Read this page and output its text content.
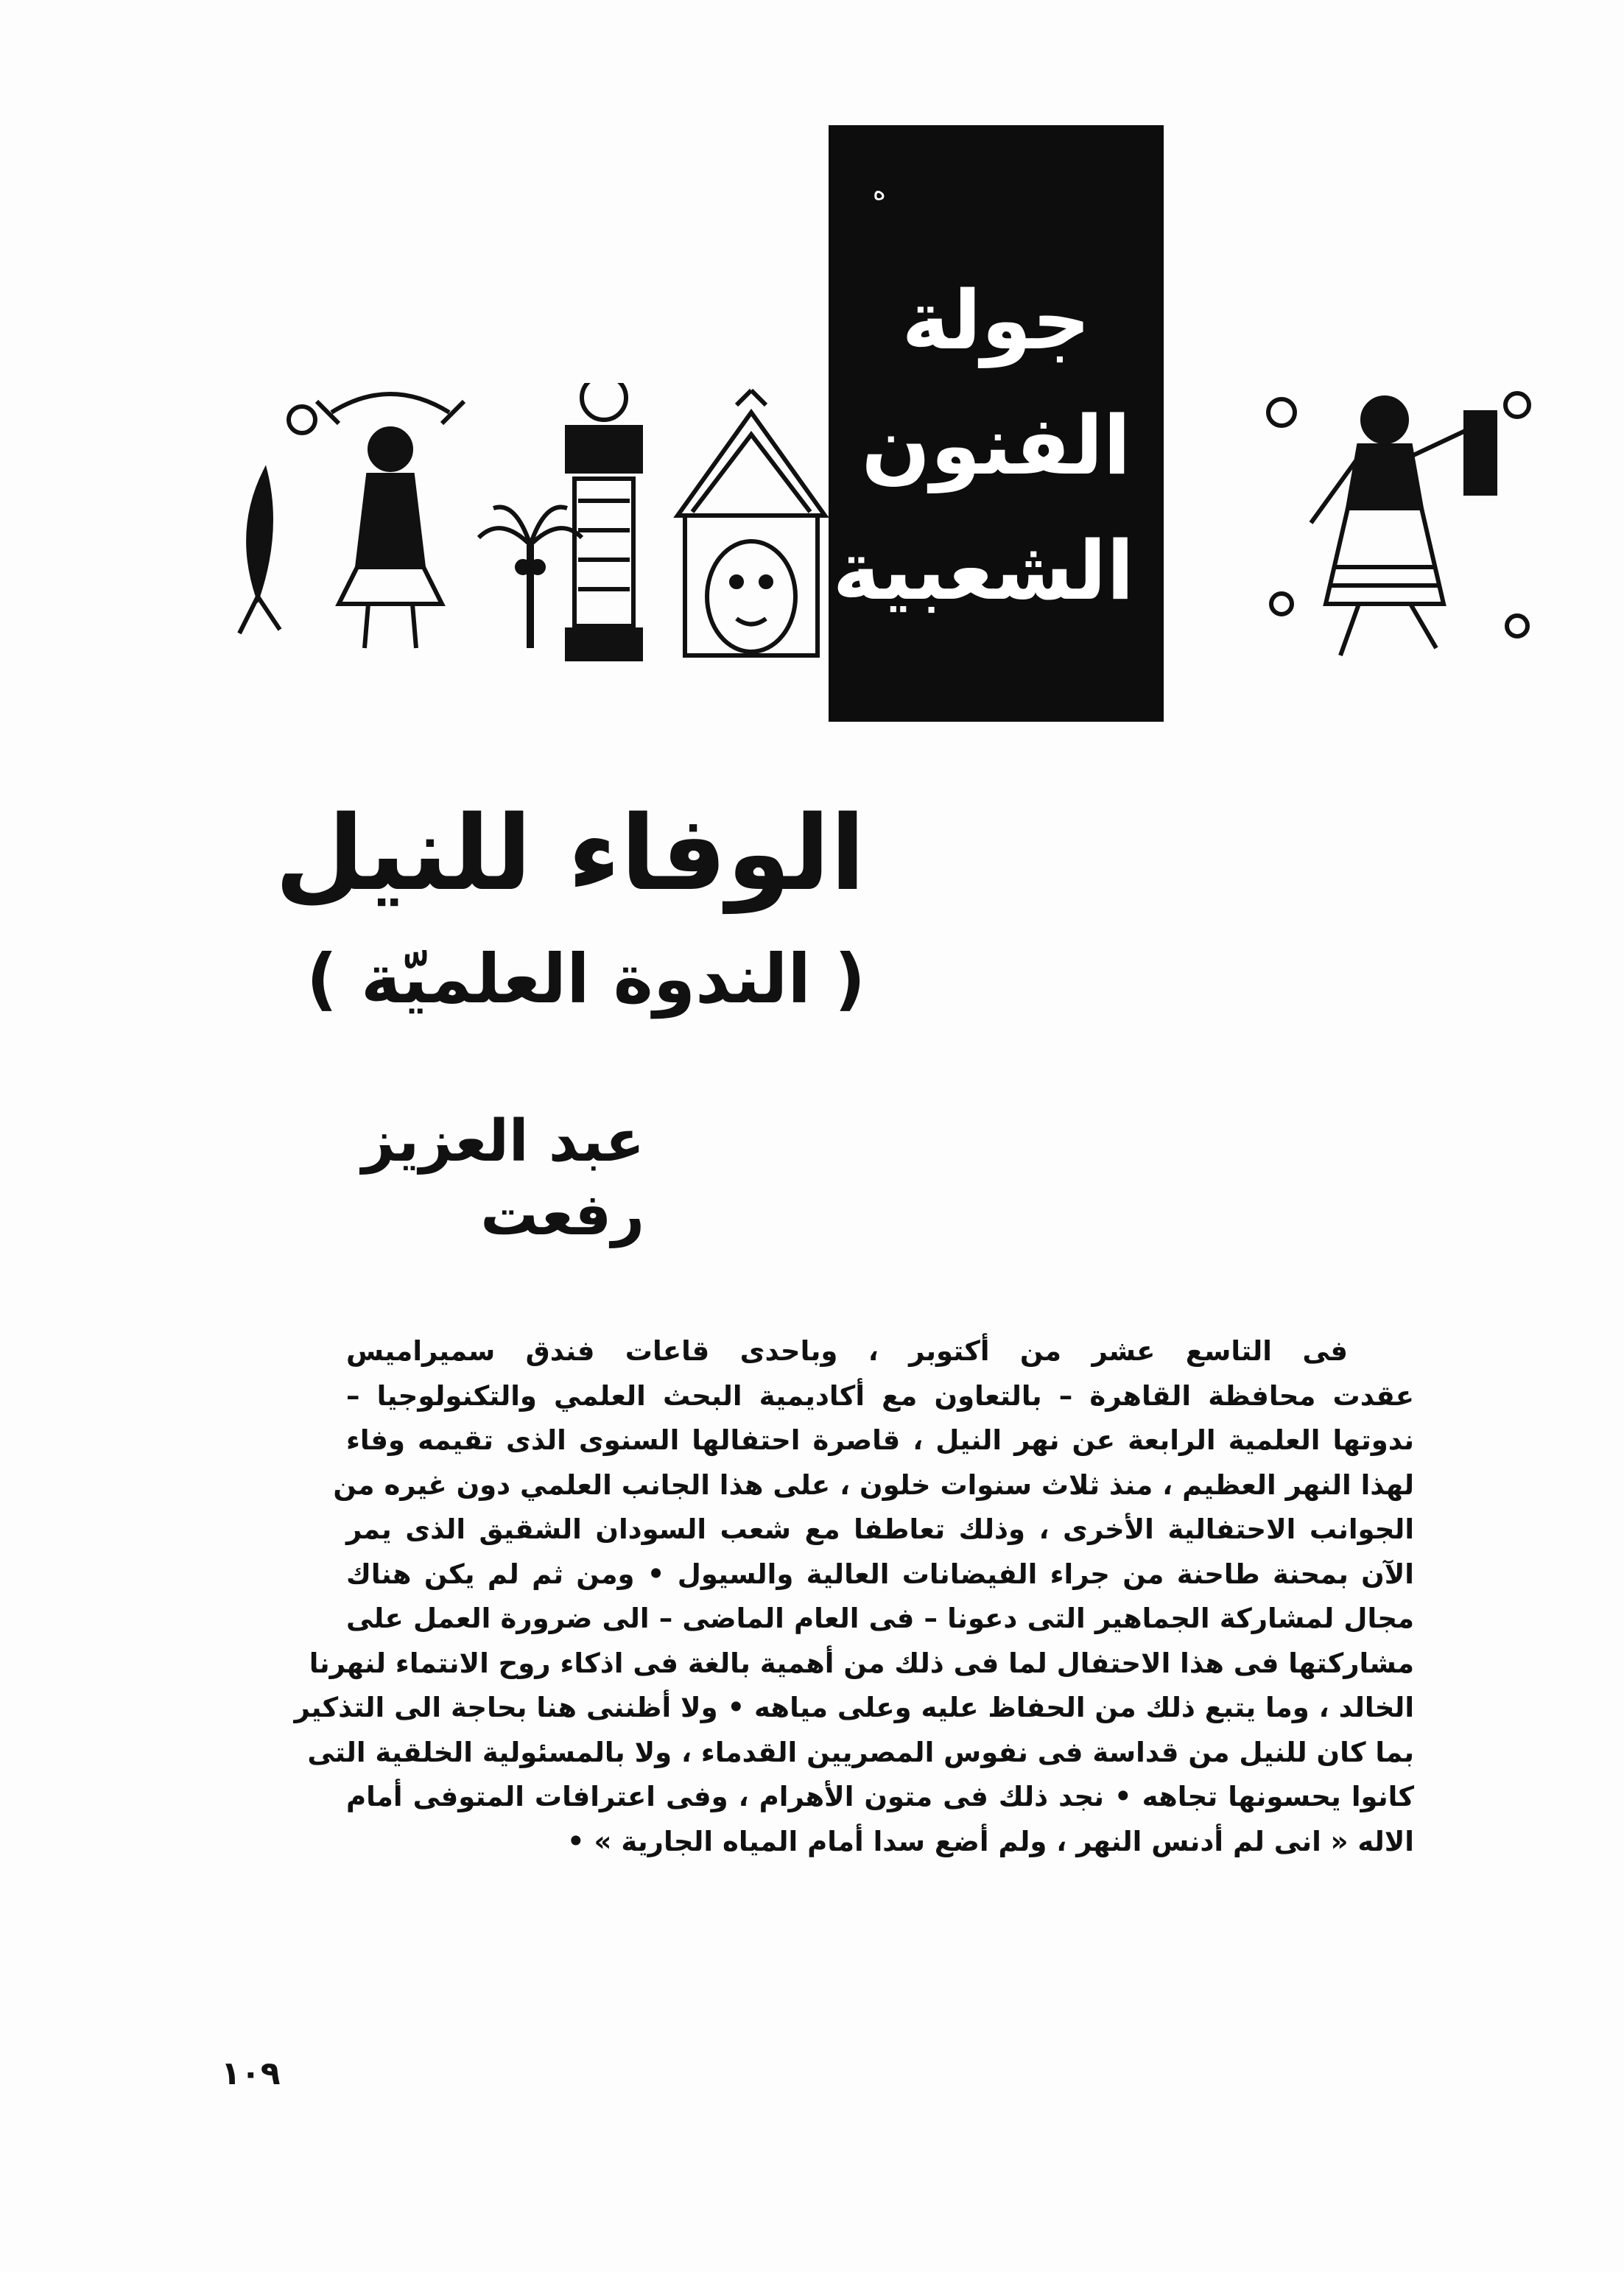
ه
جولة
الفنون
الشعبية
الوفاء للنيل
( الندوة العلميّة )
عبد العزيز رفعت
فى التاسع عشر من أكتوبر ، وباحدى قاعات فندق سميراميس
عقدت محافظة القاهرة – بالتعاون مع أكاديمية البحث العلمي والتكنولوجيا –
ندوتها العلمية الرابعة عن نهر النيل ، قاصرة احتفالها السنوى الذى تقيمه وفاء
لهذا النهر العظيم ، منذ ثلاث سنوات خلون ، على هذا الجانب العلمي دون غيره من
الجوانب الاحتفالية الأخرى ، وذلك تعاطفا مع شعب السودان الشقيق الذى يمر
الآن بمحنة طاحنة من جراء الفيضانات العالية والسيول • ومن ثم لم يكن هناك
مجال لمشاركة الجماهير التى دعونا – فى العام الماضى – الى ضرورة العمل على
مشاركتها فى هذا الاحتفال لما فى ذلك من أهمية بالغة فى اذكاء روح الانتماء لنهرنا
الخالد ، وما يتبع ذلك من الحفاظ عليه وعلى مياهه • ولا أظننى هنا بحاجة الى التذكير
بما كان للنيل من قداسة فى نفوس المصريين القدماء ، ولا بالمسئولية الخلقية التى
كانوا يحسونها تجاهه • نجد ذلك فى متون الأهرام ، وفى اعترافات المتوفى أمام
الاله « انى لم أدنس النهر ، ولم أضع سدا أمام المياه الجارية » •
١٠٩
